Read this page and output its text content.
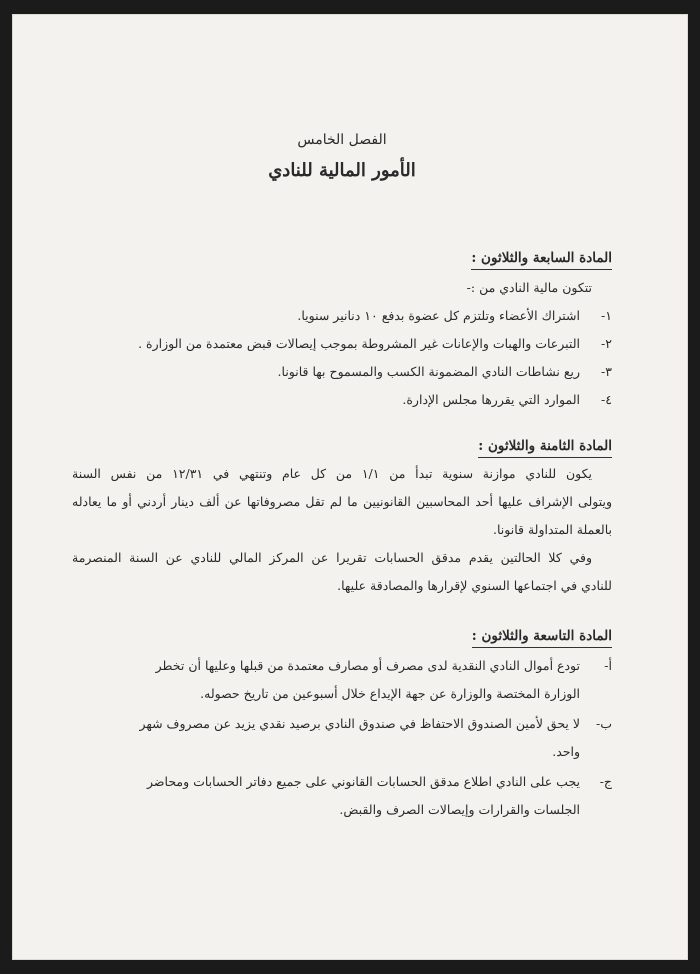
الفصل الخامس
الأمور المالية للنادي
المادة السابعة والثلاثون :
تتكون مالية النادي من :-
١-
اشتراك الأعضاء وتلتزم كل عضوة بدفع ١٠ دنانير سنويا.
٢-
التبرعات والهبات والإعانات غير المشروطة بموجب إيصالات قبض معتمدة من الوزارة .
٣-
ريع نشاطات النادي المضمونة الكسب والمسموح بها قانونا.
٤-
الموارد التي يقررها مجلس الإدارة.
المادة الثامنة والثلاثون :
يكون للنادي موازنة سنوية تبدأ من ١/١ من كل عام وتنتهي في ١٢/٣١ من نفس السنة
ويتولى الإشراف عليها أحد المحاسبين القانونيين ما لم تقل مصروفاتها عن ألف دينار أردني أو ما يعادله
بالعملة المتداولة قانونا.
وفي كلا الحالتين يقدم مدقق الحسابات تقريرا عن المركز المالي للنادي عن السنة المنصرمة
للنادي في اجتماعها السنوي لإقرارها والمصادقة عليها.
المادة التاسعة والثلاثون :
أ-
تودع أموال النادي النقدية لدى مصرف أو مصارف معتمدة من قبلها وعليها أن تخطر
الوزارة المختصة والوزارة عن جهة الإيداع خلال أسبوعين من تاريخ حصوله.
ب-
لا يحق لأمين الصندوق الاحتفاظ في صندوق النادي برصيد نقدي يزيد عن مصروف شهر
واحد.
ج-
يجب على النادي اطلاع مدقق الحسابات القانوني على جميع دفاتر الحسابات ومحاضر
الجلسات والقرارات وإيصالات الصرف والقبض.
